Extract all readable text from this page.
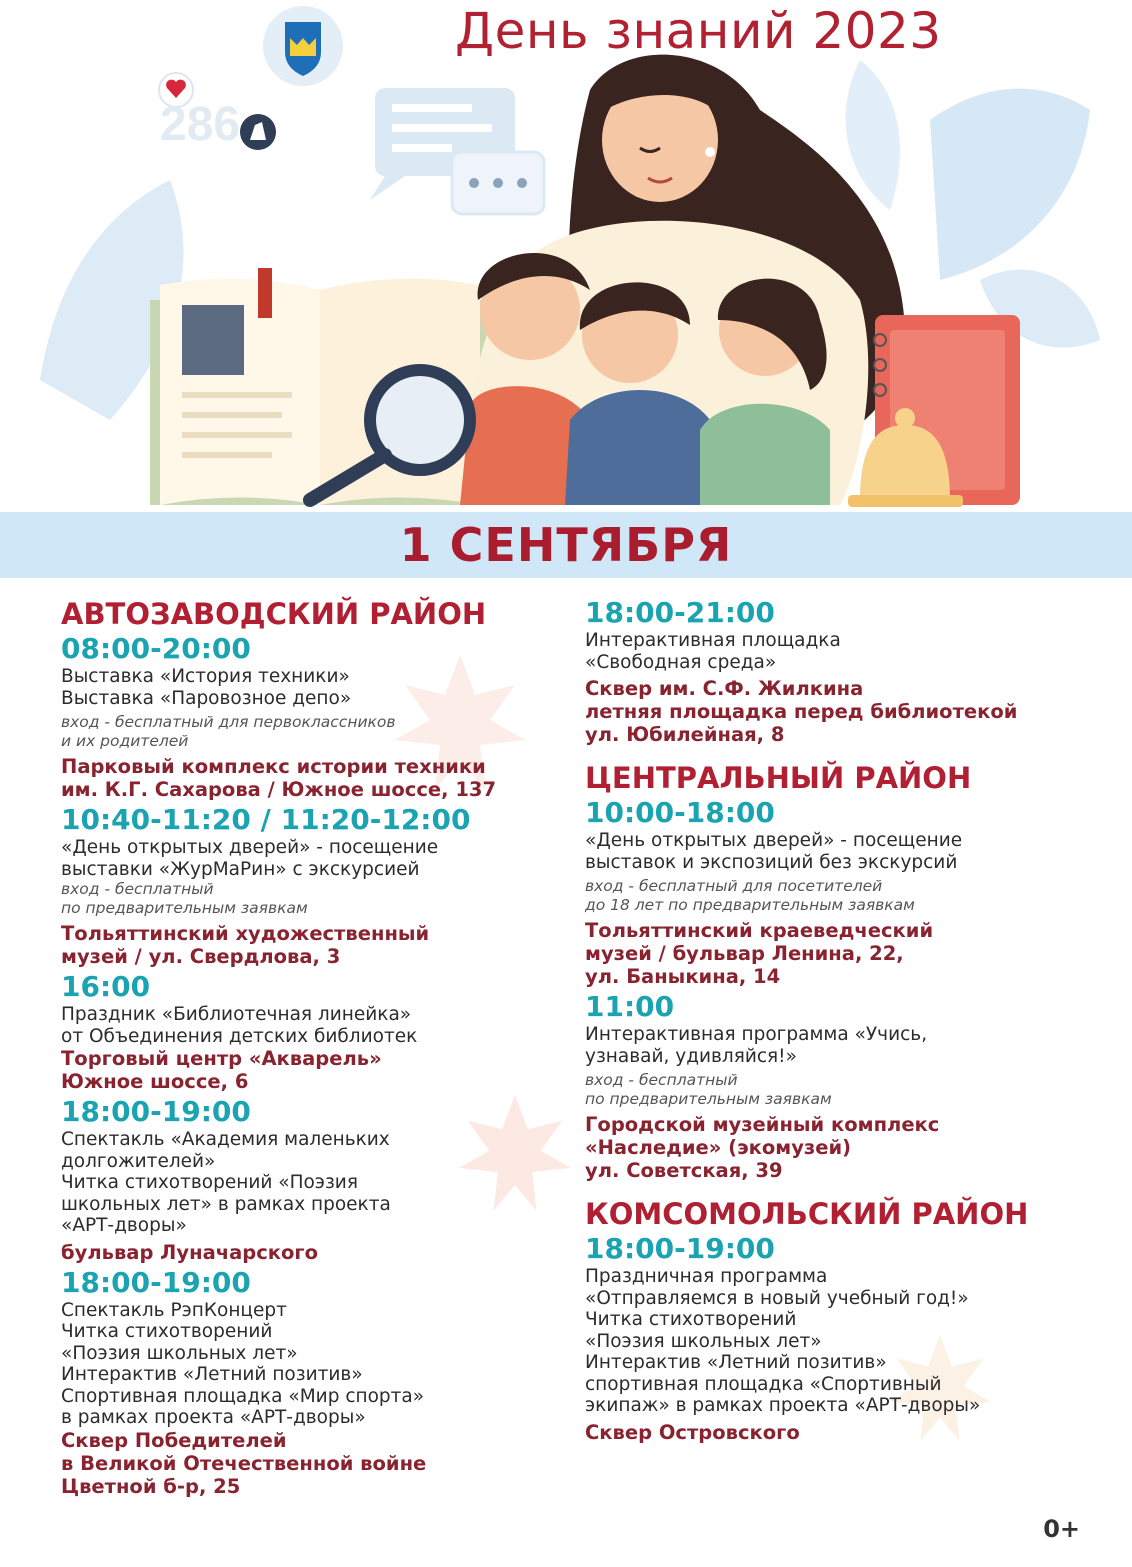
286
День знаний 2023
1 СЕНТЯБРЯ
АВТОЗАВОДСКИЙ РАЙОН
08:00-20:00
Выставка «История техники»
Выставка «Паровозное депо»
вход - бесплатный для первоклассников
и их родителей
Парковый комплекс истории техники
им. К.Г. Сахарова / Южное шоссе, 137
10:40-11:20 / 11:20-12:00
«День открытых дверей» - посещение
выставки «ЖурМаРин» с экскурсией
вход - бесплатный
по предварительным заявкам
Тольяттинский художественный
музей / ул. Свердлова, 3
16:00
Праздник «Библиотечная линейка»
от Объединения детских библиотек
Торговый центр «Акварель»
Южное шоссе, 6
18:00-19:00
Спектакль «Академия маленьких
долгожителей»
Читка стихотворений «Поэзия
школьных лет» в рамках проекта
«АРТ-дворы»
бульвар Луначарского
18:00-19:00
Спектакль РэпКонцерт
Читка стихотворений
«Поэзия школьных лет»
Интерактив «Летний позитив»
Спортивная площадка «Мир спорта»
в рамках проекта «АРТ-дворы»
Сквер Победителей
в Великой Отечественной войне
Цветной б-р, 25
18:00-21:00
Интерактивная площадка
«Свободная среда»
Сквер им. С.Ф. Жилкина
летняя площадка перед библиотекой
ул. Юбилейная, 8
ЦЕНТРАЛЬНЫЙ РАЙОН
10:00-18:00
«День открытых дверей» - посещение
выставок и экспозиций без экскурсий
вход - бесплатный для посетителей
до 18 лет по предварительным заявкам
Тольяттинский краеведческий
музей / бульвар Ленина, 22,
ул. Баныкина, 14
11:00
Интерактивная программа «Учись,
узнавай, удивляйся!»
вход - бесплатный
по предварительным заявкам
Городской музейный комплекс
«Наследие» (экомузей)
ул. Советская, 39
КОМСОМОЛЬСКИЙ РАЙОН
18:00-19:00
Праздничная программа
«Отправляемся в новый учебный год!»
Читка стихотворений
«Поэзия школьных лет»
Интерактив «Летний позитив»
спортивная площадка «Спортивный
экипаж» в рамках проекта «АРТ-дворы»
Сквер Островского
0+
